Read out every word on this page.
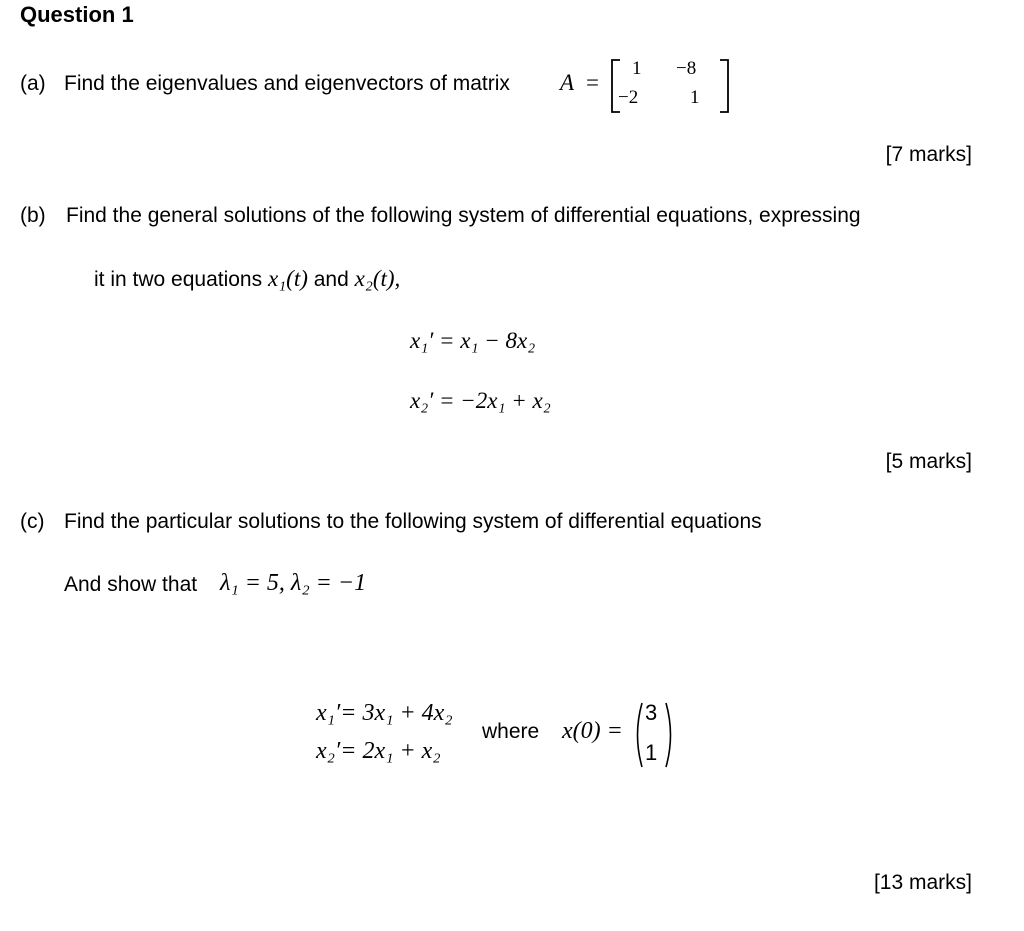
Question 1
(a) Find the eigenvalues and eigenvectors of matrix A =
1 −8
−2	1
[7 marks]
(b) Find the general solutions of the following system of differential equations, expressing
it in two equations x₁(t) and x₂(t),
x₁′ = x₁ − 8x₂
x₂′ = −2x₁ + x₂
[5 marks]
(c) Find the particular solutions to the following system of differential equations
And show that λ₁ = 5, λ₂ = −1
x₁′= 3x₁ + 4x₂
x₂′= 2x₁ + x₂
where x(0) =
3
1
[13 marks]
